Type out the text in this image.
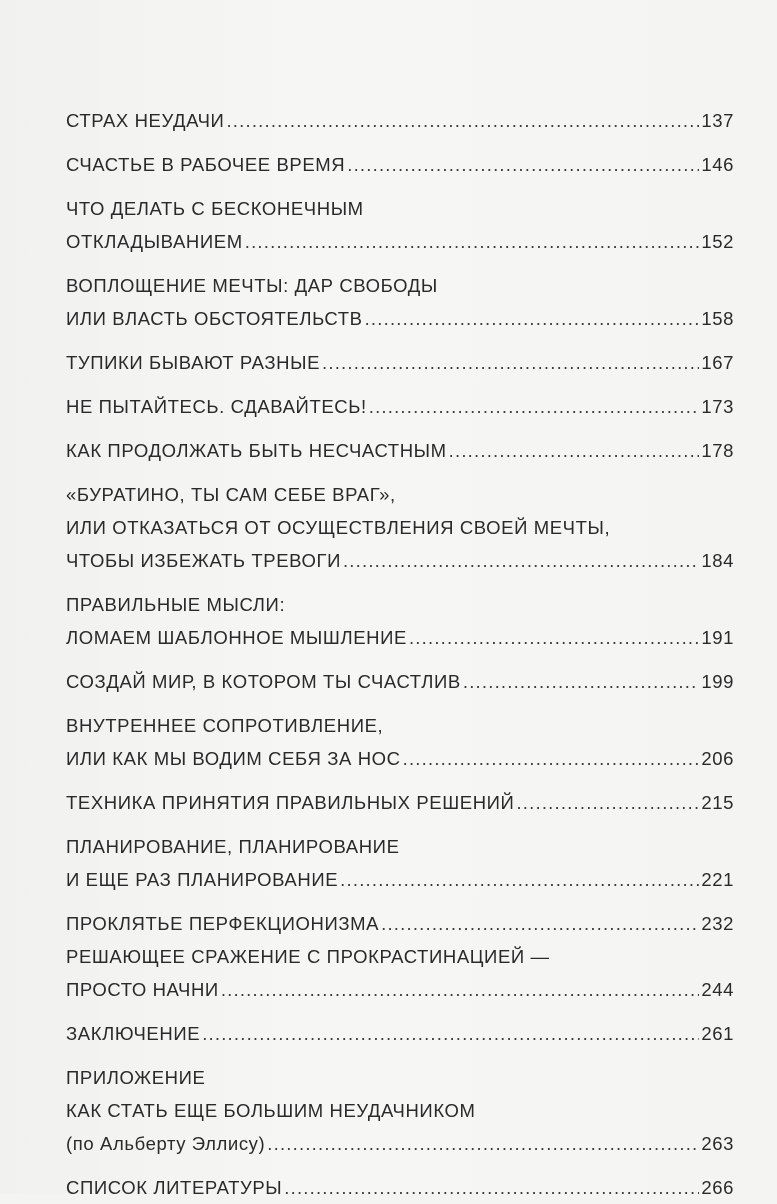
СТРАХ НЕУДАЧИ .....	137
СЧАСТЬЕ В РАБОЧЕЕ ВРЕМЯ .....	146
ЧТО ДЕЛАТЬ С БЕСКОНЕЧНЫМ
ОТКЛАДЫВАНИЕМ .....	152
ВОПЛОЩЕНИЕ МЕЧТЫ: ДАР СВОБОДЫ
ИЛИ ВЛАСТЬ ОБСТОЯТЕЛЬСТВ .....	158
ТУПИКИ БЫВАЮТ РАЗНЫЕ .....	167
НЕ ПЫТАЙТЕСЬ. СДАВАЙТЕСЬ! .....	173
КАК ПРОДОЛЖАТЬ БЫТЬ НЕСЧАСТНЫМ .....	178
«БУРАТИНО, ТЫ САМ СЕБЕ ВРАГ»,
ИЛИ ОТКАЗАТЬСЯ ОТ ОСУЩЕСТВЛЕНИЯ СВОЕЙ МЕЧТЫ,
ЧТОБЫ ИЗБЕЖАТЬ ТРЕВОГИ .....	184
ПРАВИЛЬНЫЕ МЫСЛИ:
ЛОМАЕМ ШАБЛОННОЕ МЫШЛЕНИЕ .....	191
СОЗДАЙ МИР, В КОТОРОМ ТЫ СЧАСТЛИВ .....	199
ВНУТРЕННЕЕ СОПРОТИВЛЕНИЕ,
ИЛИ КАК МЫ ВОДИМ СЕБЯ ЗА НОС .....	206
ТЕХНИКА ПРИНЯТИЯ ПРАВИЛЬНЫХ РЕШЕНИЙ .....	215
ПЛАНИРОВАНИЕ, ПЛАНИРОВАНИЕ
И ЕЩЕ РАЗ ПЛАНИРОВАНИЕ .....	221
ПРОКЛЯТЬЕ ПЕРФЕКЦИОНИЗМА .....	232
РЕШАЮЩЕЕ СРАЖЕНИЕ С ПРОКРАСТИНАЦИЕЙ —
ПРОСТО НАЧНИ .....	244
ЗАКЛЮЧЕНИЕ .....	261
ПРИЛОЖЕНИЕ
КАК СТАТЬ ЕЩЕ БОЛЬШИМ НЕУДАЧНИКОМ
(по Альберту Эллису) .....	263
СПИСОК ЛИТЕРАТУРЫ .....	266
